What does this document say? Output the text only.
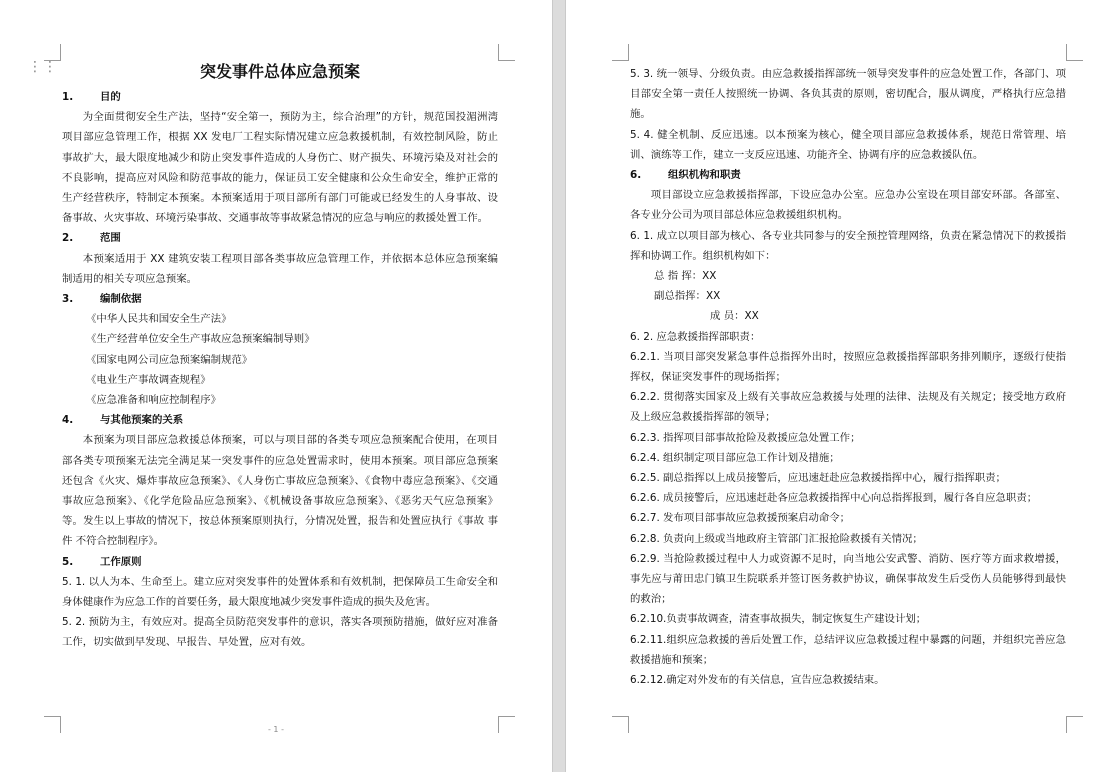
⋮⋮	突发事件总体应急预案
1.	目的

为全面贯彻安全生产法，坚持“安全第一，预防为主，综合治理”的方针，规范国投湄洲湾项目部应急管理工作，根据 XX 发电厂工程实际情况建立应急救援机制，有效控制风险，防止事故扩大，最大限度地减少和防止突发事件造成的人身伤亡、财产损失、环境污染及对社会的不良影响，提高应对风险和防范事故的能力，保证员工安全健康和公众生命安全，维护正常的生产经营秩序，特制定本预案。本预案适用于项目部所有部门可能或已经发生的人身事故、设备事故、火灾事故、环境污染事故、交通事故等事故紧急情况的应急与响应的救援处置工作。

2.	范围

本预案适用于 XX 建筑安装工程项目部各类事故应急管理工作，并依据本总体应急预案编制适用的相关专项应急预案。

3.	编制依据

《中华人民共和国安全生产法》

《生产经营单位安全生产事故应急预案编制导则》

《国家电网公司应急预案编制规范》

《电业生产事故调查规程》

《应急准备和响应控制程序》

4.	与其他预案的关系

本预案为项目部应急救援总体预案，可以与项目部的各类专项应急预案配合使用，在项目部各类专项预案无法完全满足某一突发事件的应急处置需求时，使用本预案。项目部应急预案还包含《火灾、爆炸事故应急预案》、《人身伤亡事故应急预案》、《食物中毒应急预案》、《交通事故应急预案》、《化学危险品应急预案》、《机械设备事故应急预案》、《恶劣天气应急预案》等。发生以上事故的情况下，按总体预案原则执行，分情况处置，报告和处置应执行《事故 事件 不符合控制程序》。

5.	工作原则

5. 1. 以人为本、生命至上。建立应对突发事件的处置体系和有效机制，把保障员工生命安全和身体健康作为应急工作的首要任务，最大限度地减少突发事件造成的损失及危害。

5. 2. 预防为主，有效应对。提高全员防范突发事件的意识，落实各项预防措施，做好应对准备工作，切实做到早发现、早报告、早处置，应对有效。

- 1 -

5. 3. 统一领导、分级负责。由应急救援指挥部统一领导突发事件的应急处置工作，各部门、项目部安全第一责任人按照统一协调、各负其责的原则，密切配合，服从调度，严格执行应急措施。

5. 4. 健全机制、反应迅速。以本预案为核心，健全项目部应急救援体系，规范日常管理、培训、演练等工作，建立一支反应迅速、功能齐全、协调有序的应急救援队伍。

6.	组织机构和职责

项目部设立应急救援指挥部，下设应急办公室。应急办公室设在项目部安环部。各部室、各专业分公司为项目部总体应急救援组织机构。

6. 1. 成立以项目部为核心、各专业共同参与的安全预控管理网络，负责在紧急情况下的救援指挥和协调工作。组织机构如下：

总 指 挥：XX

副总指挥：XX

成 员：XX

6. 2. 应急救援指挥部职责：

6.2.1. 当项目部突发紧急事件总指挥外出时，按照应急救援指挥部职务排列顺序，逐级行使指挥权，保证突发事件的现场指挥；

6.2.2. 贯彻落实国家及上级有关事故应急救援与处理的法律、法规及有关规定；接受地方政府及上级应急救援指挥部的领导；

6.2.3. 指挥项目部事故抢险及救援应急处置工作；

6.2.4. 组织制定项目部应急工作计划及措施；

6.2.5. 副总指挥以上成员接警后，应迅速赶赴应急救援指挥中心，履行指挥职责；

6.2.6. 成员接警后，应迅速赶赴各应急救援指挥中心向总指挥报到，履行各自应急职责；

6.2.7. 发布项目部事故应急救援预案启动命令；

6.2.8. 负责向上级或当地政府主管部门汇报抢险救援有关情况；

6.2.9. 当抢险救援过程中人力或资源不足时，向当地公安武警、消防、医疗等方面求救增援，事先应与莆田忠门镇卫生院联系并签订医务救护协议，确保事故发生后受伤人员能够得到最快的救治；

6.2.10.负责事故调查，清查事故损失，制定恢复生产建设计划；

6.2.11.组织应急救援的善后处置工作，总结评议应急救援过程中暴露的问题，并组织完善应急救援措施和预案；

6.2.12.确定对外发布的有关信息，宣告应急救援结束。
